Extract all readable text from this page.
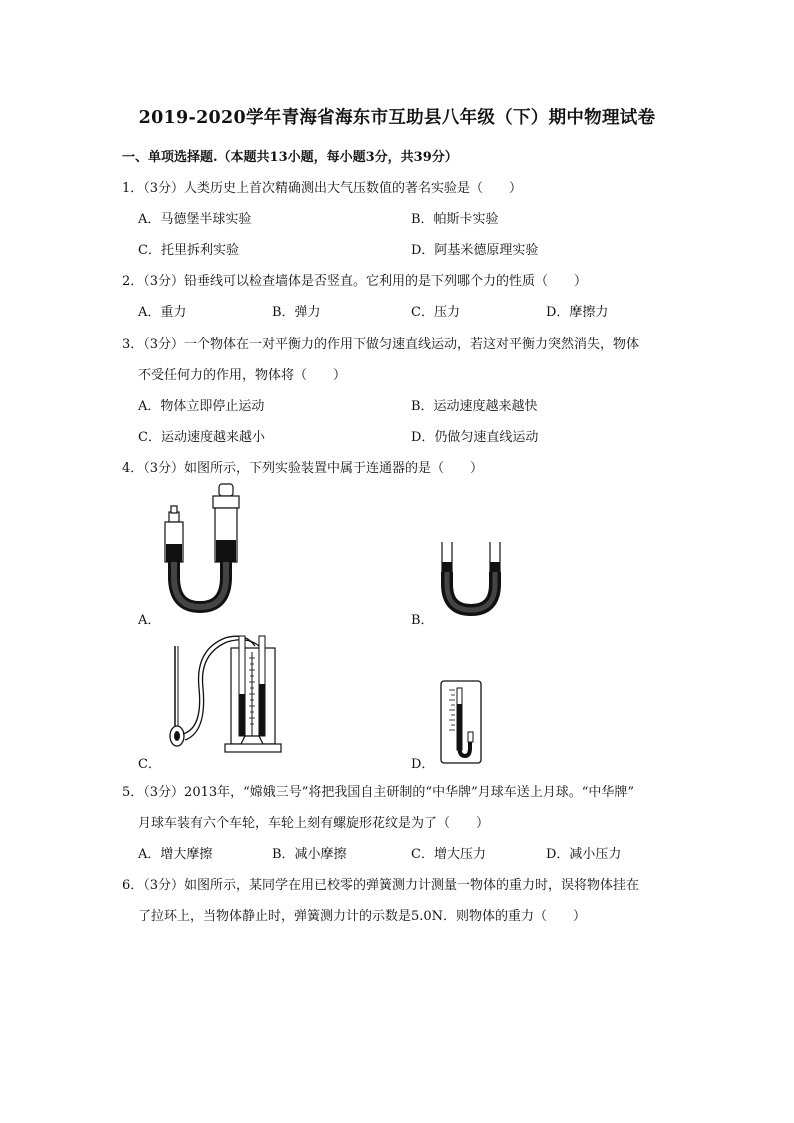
2019-2020学年青海省海东市互助县八年级（下）期中物理试卷
一、单项选择题.（本题共13小题，每小题3分，共39分）
1．（3分）人类历史上首次精确测出大气压数值的著名实验是（　　）
A．马德堡半球实验	B．帕斯卡实验
C．托里拆利实验	D．阿基米德原理实验
2．（3分）铅垂线可以检查墙体是否竖直。它利用的是下列哪个力的性质（　　）
A．重力	B．弹力	C．压力	D．摩擦力
3．（3分）一个物体在一对平衡力的作用下做匀速直线运动，若这对平衡力突然消失，物体
不受任何力的作用，物体将（　　）
A．物体立即停止运动	B．运动速度越来越快
C．运动速度越来越小	D．仍做匀速直线运动
4．（3分）如图所示，下列实验装置中属于连通器的是（　　）
A．	B．
C．	D．
5．（3分）2013年，“嫦娥三号”将把我国自主研制的“中华牌”月球车送上月球。“中华牌”
月球车装有六个车轮，车轮上刻有螺旋形花纹是为了（　　）
A．增大摩擦	B．减小摩擦	C．增大压力	D．减小压力
6．（3分）如图所示，某同学在用已校零的弹簧测力计测量一物体的重力时，误将物体挂在
了拉环上，当物体静止时，弹簧测力计的示数是5.0N．则物体的重力（　　）
